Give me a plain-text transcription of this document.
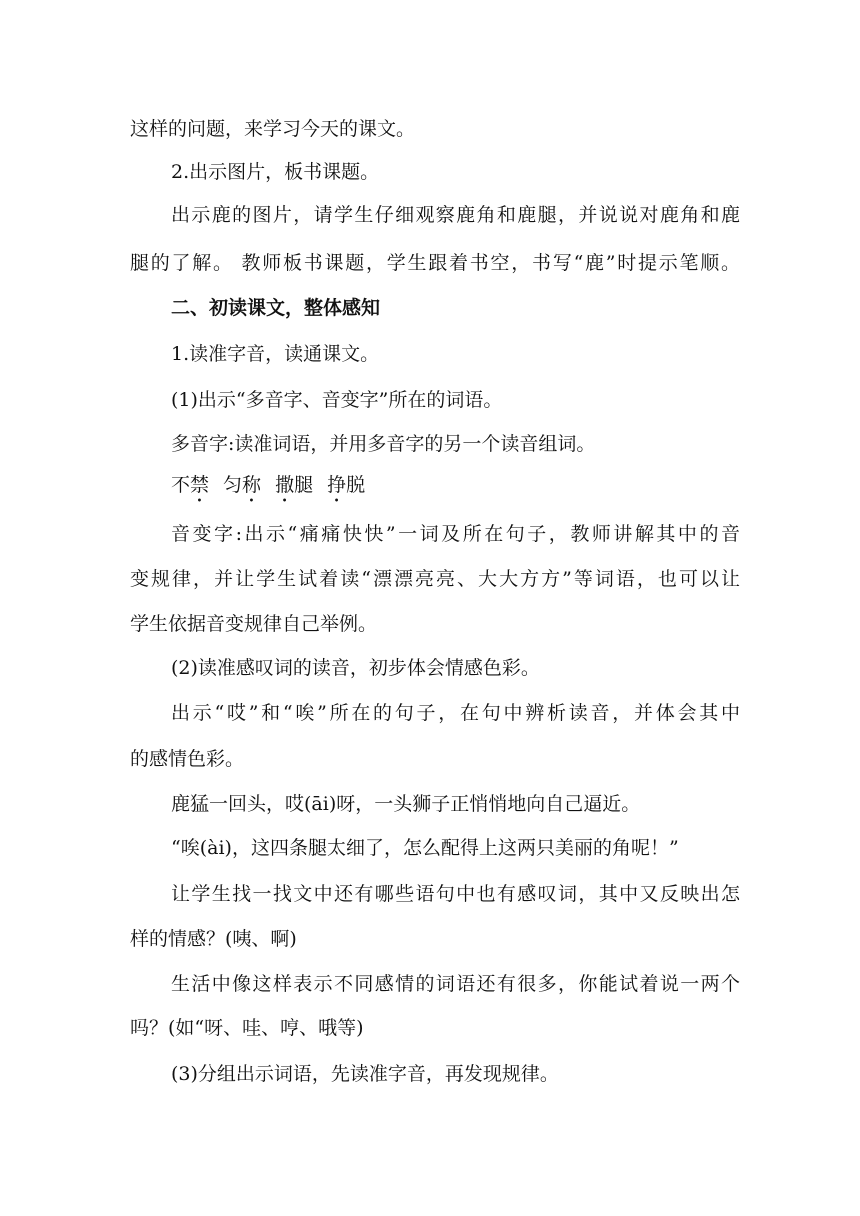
这样的问题，来学习今天的课文。
2.出示图片，板书课题。
出示鹿的图片，请学生仔细观察鹿角和鹿腿，并说说对鹿角和鹿
腿的了解。 教师板书课题，学生跟着书空，书写“鹿”时提示笔顺。
二、初读课文，整体感知
1.读准字音，读通课文。
(1)出示“多音字、音变字”所在的词语。
多音字:读准词语，并用多音字的另一个读音组词。
不禁 匀称 撒腿 挣脱
音变字:出示“痛痛快快”一词及所在句子，教师讲解其中的音
变规律，并让学生试着读“漂漂亮亮、大大方方”等词语，也可以让
学生依据音变规律自己举例。
(2)读准感叹词的读音，初步体会情感色彩。
出示“哎”和“唉”所在的句子，在句中辨析读音，并体会其中
的感情色彩。
鹿猛一回头，哎(āi)呀，一头狮子正悄悄地向自己逼近。
“唉(ài)，这四条腿太细了，怎么配得上这两只美丽的角呢！”
让学生找一找文中还有哪些语句中也有感叹词，其中又反映出怎
样的情感？(咦、啊)
生活中像这样表示不同感情的词语还有很多，你能试着说一两个
吗？(如“呀、哇、哼、哦等)
(3)分组出示词语，先读准字音，再发现规律。
